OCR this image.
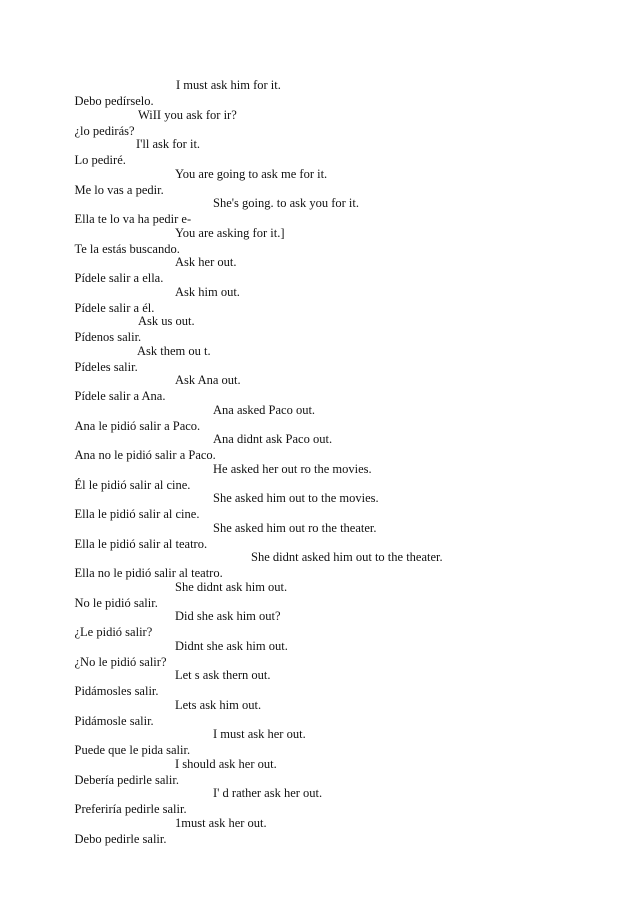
Debo pedírselo.

I must ask him for it.

¿lo pedirás?

WiII you ask for ir?

Lo pediré.

I'll ask for it.

Me lo vas a pedir.

You are going to ask me for it.

Ella te lo va ha pedir e-

She's going. to ask you for it.

Te la estás buscando.

You are asking for it.]

Pídele salir a ella.

Ask her out.

Pídele salir a él.

Ask him out.

Pídenos salir.

Ask us out.

Pídeles salir.

Ask them ou t.

Pídele salir a Ana.

Ask Ana out.

Ana le pidió salir a Paco.

Ana asked Paco out.

Ana no le pidió salir a Paco.

Ana didnt ask Paco out.

Él le pidió salir al cine.

He asked her out ro the movies.

Ella le pidió salir al cine.

She asked him out to the movies.

Ella le pidió salir al teatro.

She asked him out ro the theater.

Ella no le pidió salir al teatro.

She didnt asked him out to the theater.

No le pidió salir.

She didnt ask him out.

¿Le pidió salir?

Did she ask him out?

¿No le pidió salir?

Didnt she ask him out.

Pidámosles salir.

Let s ask thern out.

Pidámosle salir.

Lets ask him out.

Puede que le pida salir.

I must ask her out.

Debería pedirle salir.

I should ask her out.

Preferiría pedirle salir.

I' d rather ask her out.

Debo pedirle salir.

1must ask her out.
